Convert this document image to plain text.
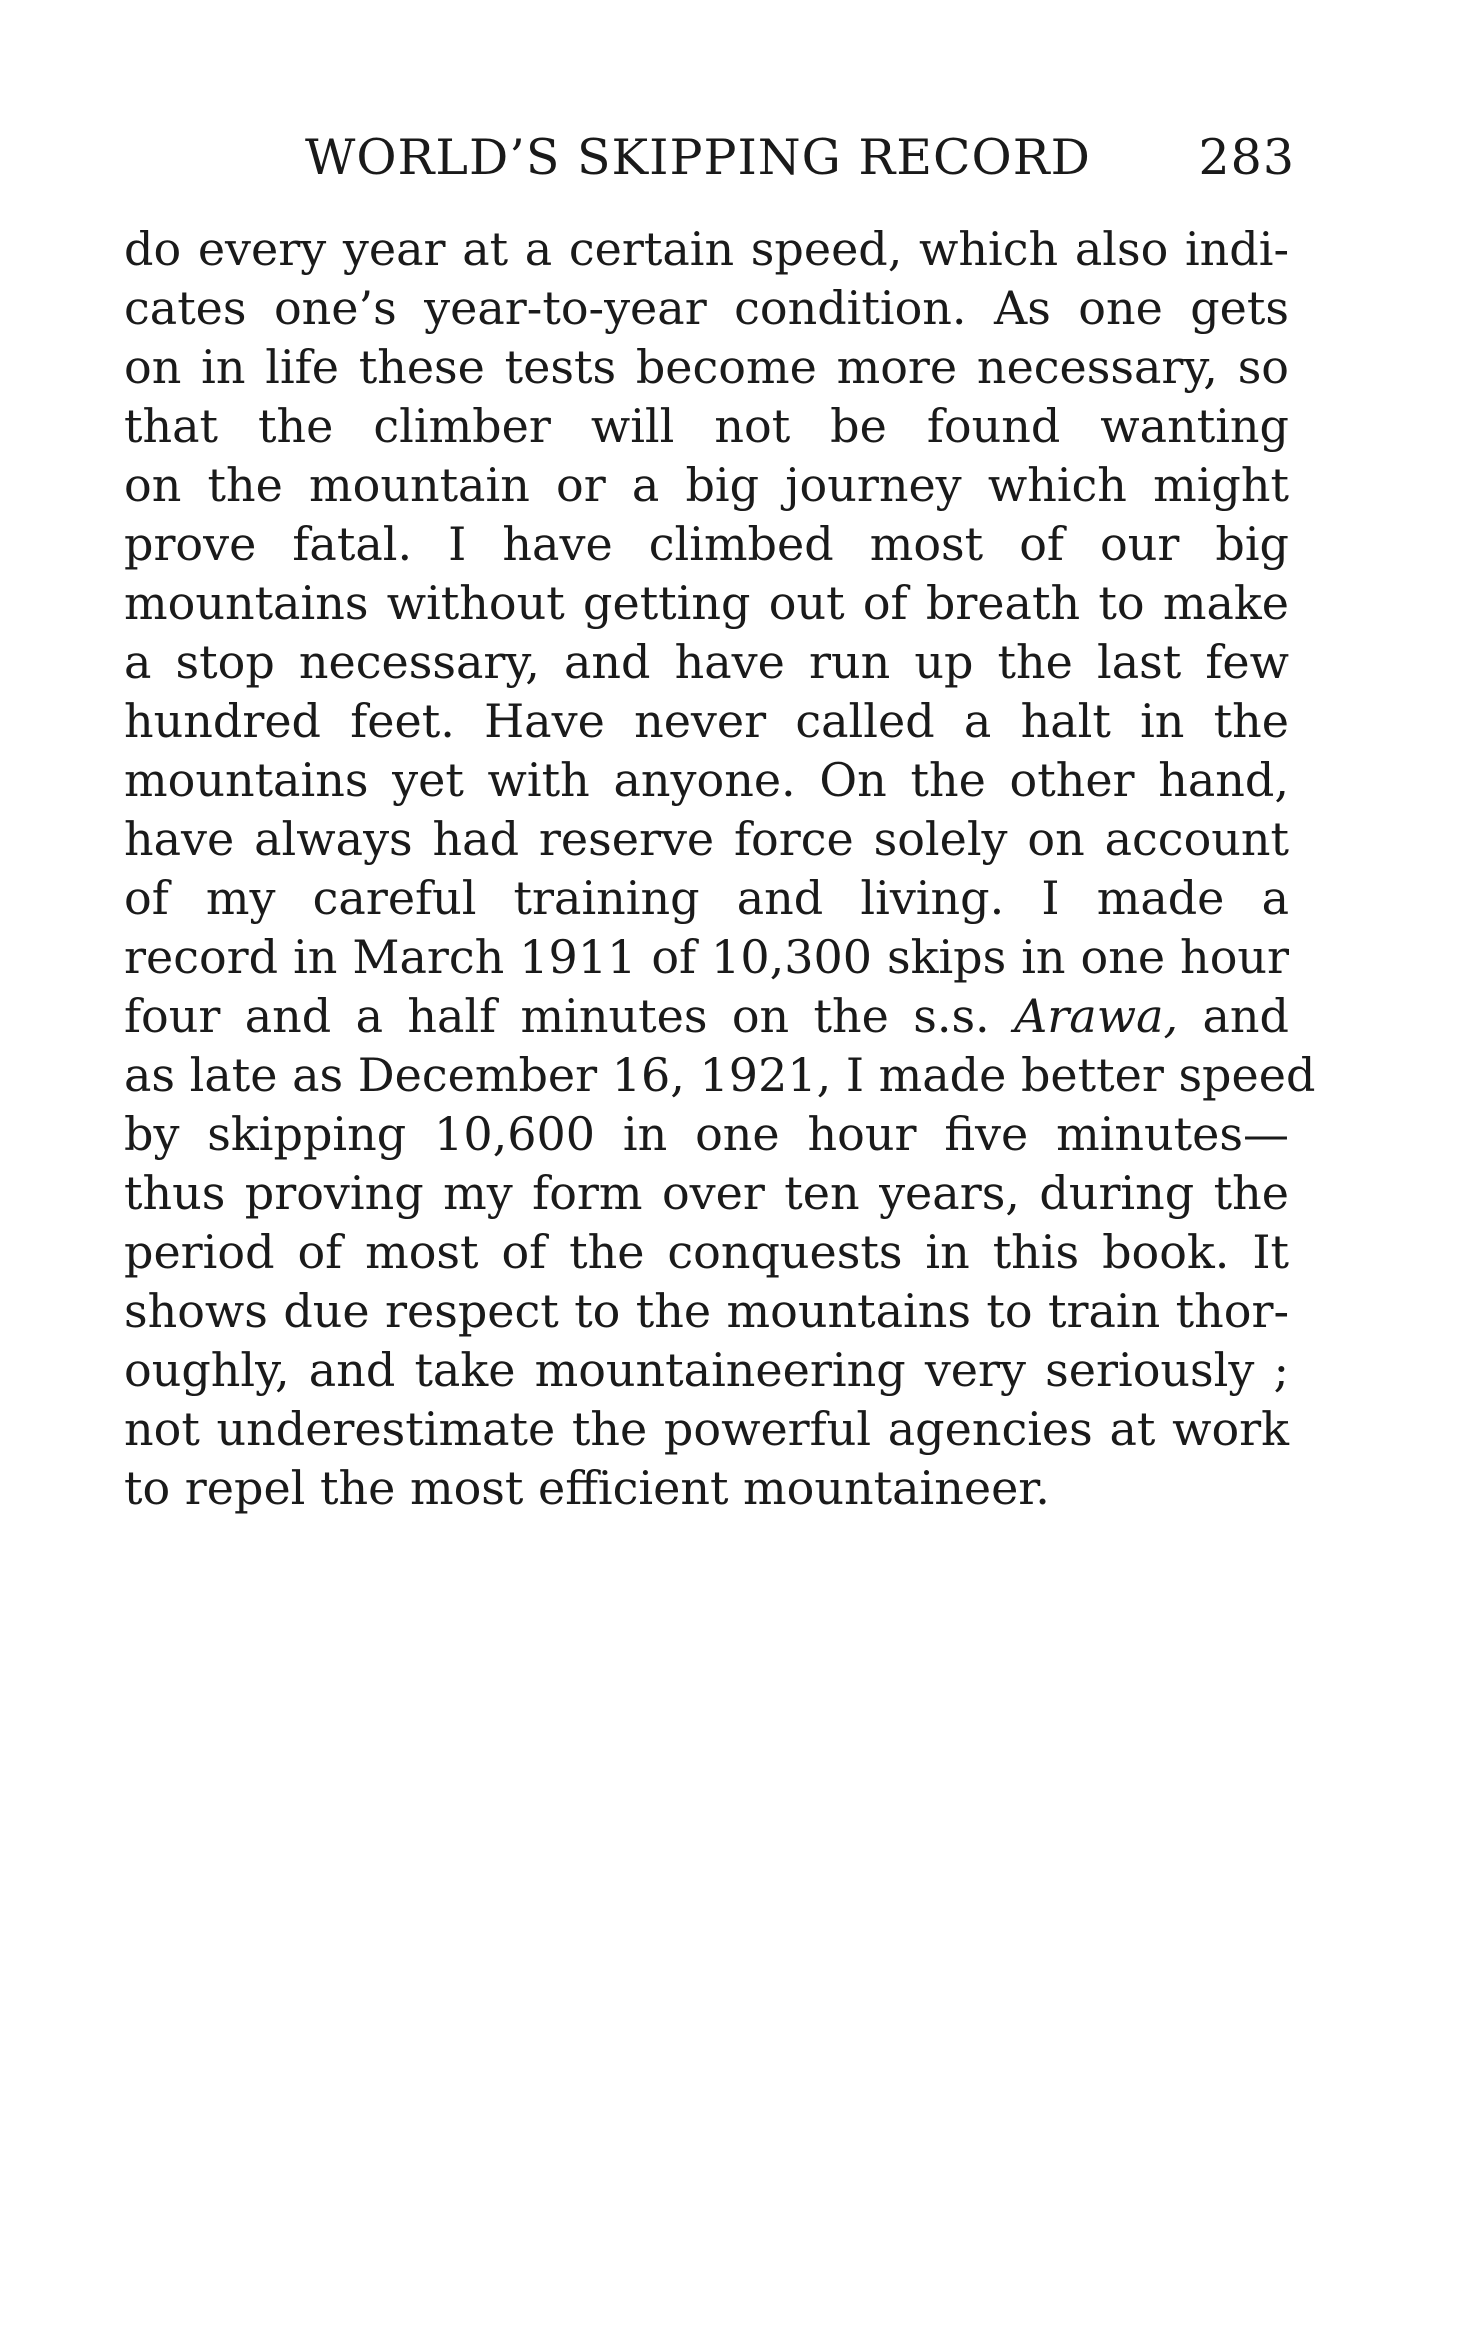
WORLD’S SKIPPING RECORD 283
do every year at a certain speed, which also indi-
cates one’s year-to-year condition. As one gets
on in life these tests become more necessary, so
that the climber will not be found wanting
on the mountain or a big journey which might
prove fatal. I have climbed most of our big
mountains without getting out of breath to make
a stop necessary, and have run up the last few
hundred feet. Have never called a halt in the
mountains yet with anyone. On the other hand,
have always had reserve force solely on account
of my careful training and living. I made a
record in March 1911 of 10,300 skips in one hour
four and a half minutes on the s.s. Arawa, and
as late as December 16, 1921, I made better speed
by skipping 10,600 in one hour five minutes—
thus proving my form over ten years, during the
period of most of the conquests in this book. It
shows due respect to the mountains to train thor-
oughly, and take mountaineering very seriously ;
not underestimate the powerful agencies at work
to repel the most efficient mountaineer.
